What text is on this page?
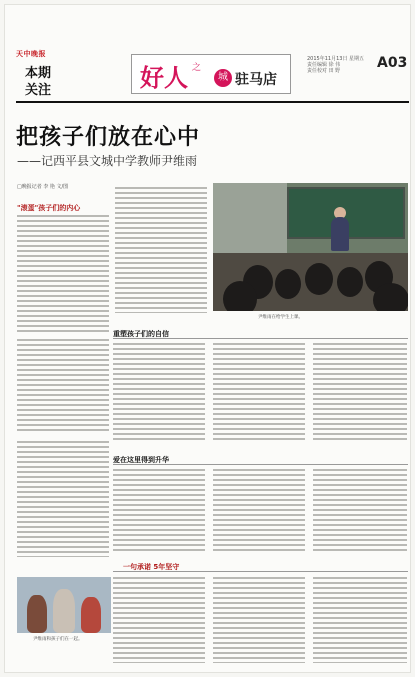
天中晚报
本期关注	好人 之
城 驻马店
2015年11月13日 星期五
责任编辑 徐 伟
责任校对 田 野	A03
把孩子们放在心中
——记西平县文城中学教师尹维雨
□晚报记者 李 艳 文/图
"滚蛋"孩子们的内心
尹维雨在给学生上课。
重塑孩子们的自信
爱在这里得到升华
一句承诺 5年坚守
尹维雨和孩子们在一起。
